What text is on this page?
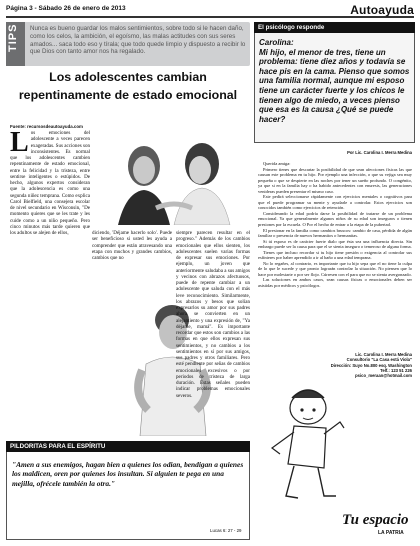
Página 3 - Sábado 26 de enero de 2013	Autoayuda
TIPS Nunca es bueno guardar los malos sentimientos, sobre todo si le hacen daño, como los celos, la ambición, el egoísmo, las malas actitudes con sus seres amados... saca todo eso y tírala; que todo quede limpio y dispuesto a recibir lo que Dios con tanto amor nos ha regalado.
Los adolescentes cambian repentinamente de estado emocional
Fuente: recursosdeautoayuda.com
L os emociones del adolescente a veces parecen exageradas. Sus acciones son inconsistentes. Es normal que los adolescentes cambien repentinamente de estado emocional, entre la felicidad y la tristeza, entre sentirse inteligentes o estúpidos. De hecho, algunos expertos consideran que la adolescencia es como una segunda niñez temprana. Como explica Carol Bielfield, una consejera escolar de nivel secundario en Wisconsin, "De momento quieres que se les trate y les cuide como a un niño pequeño. Pero cinco minutos más tarde quieren que los adultos se alejen de ellos,	diciendo, 'Déjame hacerlo solo'. Puede ser beneficioso si usted les ayuda a comprender que están atravesando una etapa con muchos y grandes cambios, cambios que no
siempre parecen resultar en el progreso." Además de los cambios emocionales que ellos sienten, los adolescentes suelen varias formas de expresar sus emociones. Por ejemplo, un joven que anteriormente saludaba a sus amigos y vecinos con abrazos afectuosos, puede de repente cambiar a un adolescente que saluda con el más leve reconocimiento. Similarmente, los abrazos y besos que solían expresarlos su amor por sus padres ahora se convierten en un alejamiento y una expresión de, "Ya déjame, mamá". Es importante recordar que estos son cambios a las formas en que ellos expresan sus sentimientos, y no cambios a los sentimientos en sí por sus amigos, sus padres y otros familiares. Pero esté pendiente por señas de cambios emocionales excesivos o por periodos de tristeza de larga duración. Estas señales pueden indicar problemas emocionales severos.
El psicólogo responde
Carolina:
Mi hijo, el menor de tres, tiene un problema: tiene diez años y todavía se hace pis en la cama. Pienso que somos una familia normal, aunque mi esposo tiene un carácter fuerte y los chicos le tienen algo de miedo, a veces pienso que esa es la causa ¿Qué se puede hacer?
Por Lic. Carolina I. Merra Medina

Querida amiga:

Primero tienes que descartar la posibilidad de que sean afecciones físicas las que causan este problema en tu hijo. Por ejemplo una infección, o que su vejiga sea muy pequeña o que se despierte en las noches por tener un sueño profundo. O congénito, ya que si en la familia hay o ha habido antecedentes con enuresis, las generaciones venideras pueden presentar el mismo caso.

Este pedirá seleccionarse rápidamente con ejercicios mentales o cognitivos para que el puede programar su mente y ayudarle a controlar. Estos ejercicios son conocidos también como ejercicios de retención.

Considerando la edad podría darse la posibilidad de tratarse de un problema emocional. Ya que generalmente algunos niños de su edad son inseguros o tienen presiones por la escuela. O Por el hecho de entrar a la etapa de la pubertad.

El presionar en la familia como cambios bruscos: cambio de casa, pérdida de algún familiar o presencia de nuevos hermanitos o hermanitas.

Si tú esposo es de carácter fuerte dialo que ésta sea una influencia directa. Sin embargo puede ser la causa para que el se sienta inseguro o temeroso de alguna forma.

Tienes que incluso recordar si tu hijo tiene presión o exigencia al controlar sus esfínteres por haber aprendido a ir al baño a una edad temprana.

No lo regañes, al contrario, es importante que tu hijo sepa que el no tiene la culpa de lo que le sucede y que pronto lograrán controlar la situación. No piensen que lo hace por molestarte o por ser flojo. Cúrresen con el para que no se sienta avergonzado.

Las soluciones en ambos casos, sean causas físicas o emocionales deben ser asistidas por médicos y psicólogos.

Lic. Carolina I. Merra Medina
Consultorio "La Casa está Viola"
Dirección: Suyo No.800 esq. Washington
Telf.: 123 51 226
psico_meraan@hotmail.com
PILDORITAS PARA EL ESPÍRITU
"Amen a sus enemigos, hagan bien a quienes los odian, bendigan a quienes los maldicen, oren por quienes los insultan. Si alguien te pega en una mejilla, ofrécele también la otra."
Lucas 6: 27 - 29
Tu espacio
LA PATRIA
